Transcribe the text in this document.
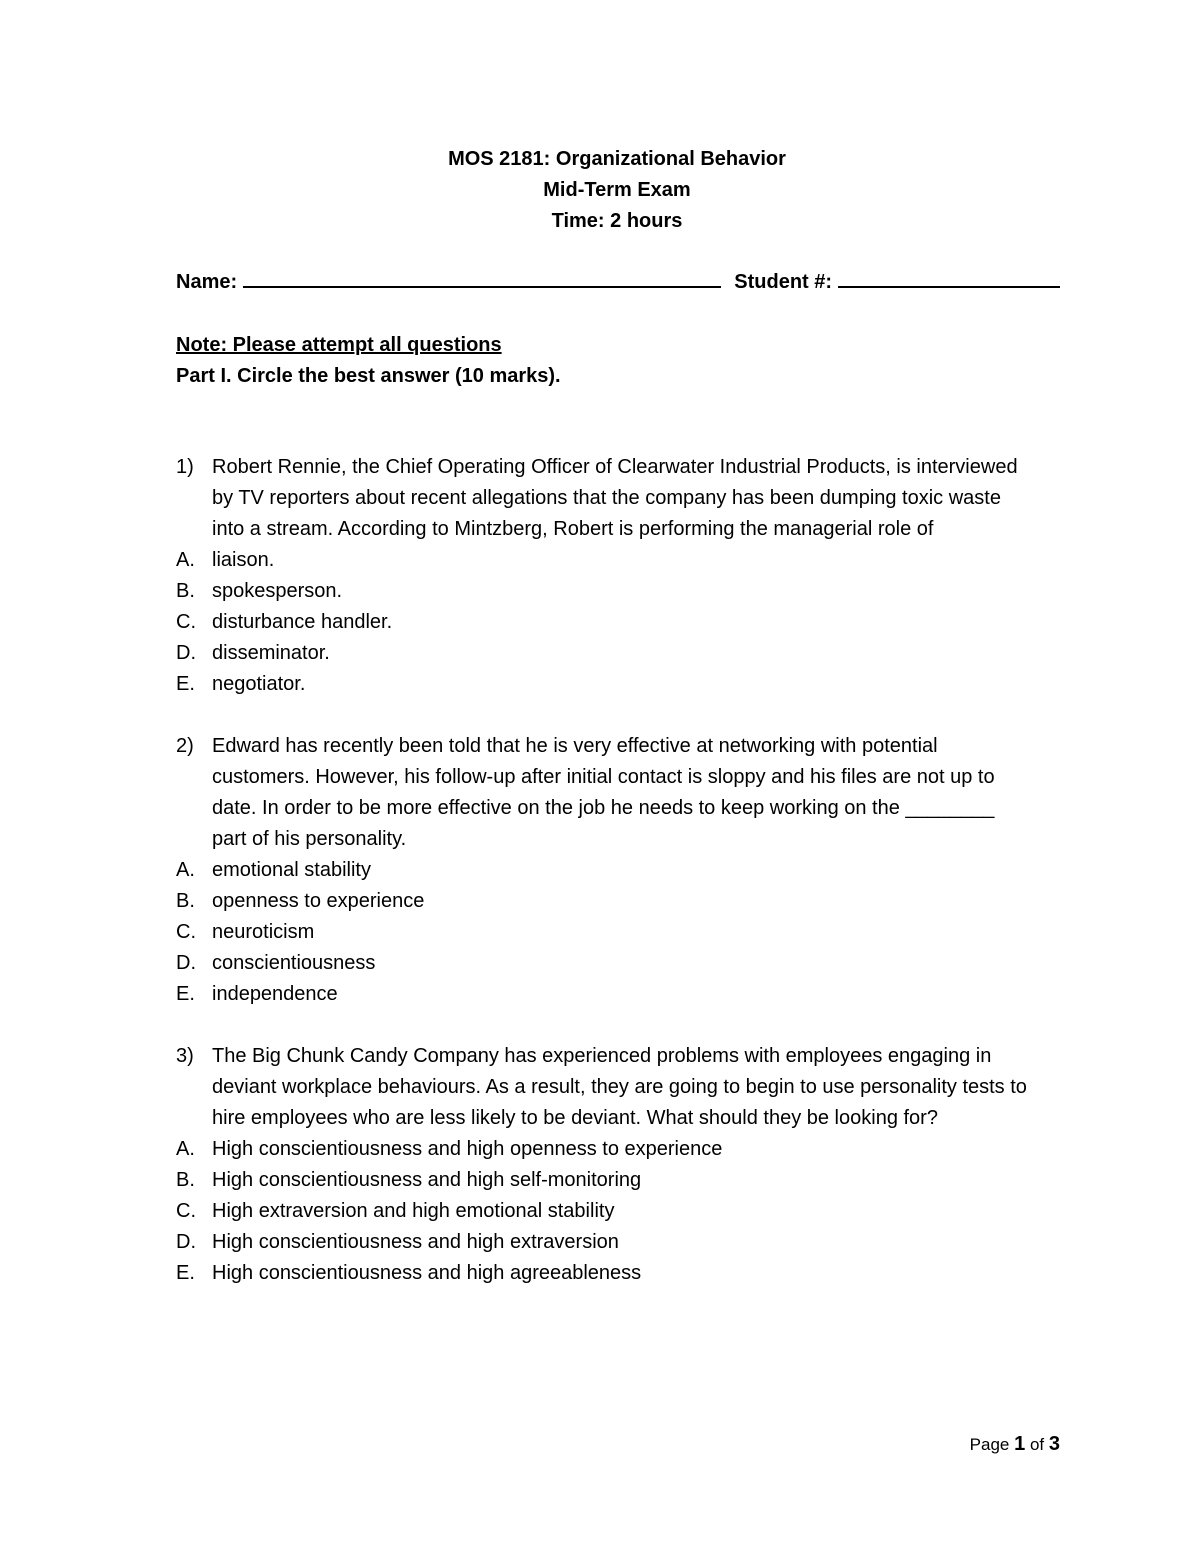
MOS 2181: Organizational Behavior
Mid-Term Exam
Time: 2 hours
Name:	Student #:
Note: Please attempt all questions
Part I. Circle the best answer (10 marks).
1) Robert Rennie, the Chief Operating Officer of Clearwater Industrial Products, is interviewed by TV reporters about recent allegations that the company has been dumping toxic waste into a stream. According to Mintzberg, Robert is performing the managerial role of
A. liaison.
B. spokesperson.
C. disturbance handler.
D. disseminator.
E. negotiator.
2) Edward has recently been told that he is very effective at networking with potential customers. However, his follow-up after initial contact is sloppy and his files are not up to date. In order to be more effective on the job he needs to keep working on the ________ part of his personality.
A. emotional stability
B. openness to experience
C. neuroticism
D. conscientiousness
E. independence
3) The Big Chunk Candy Company has experienced problems with employees engaging in deviant workplace behaviours. As a result, they are going to begin to use personality tests to hire employees who are less likely to be deviant. What should they be looking for?
A. High conscientiousness and high openness to experience
B. High conscientiousness and high self-monitoring
C. High extraversion and high emotional stability
D. High conscientiousness and high extraversion
E. High conscientiousness and high agreeableness
Page 1 of 3
